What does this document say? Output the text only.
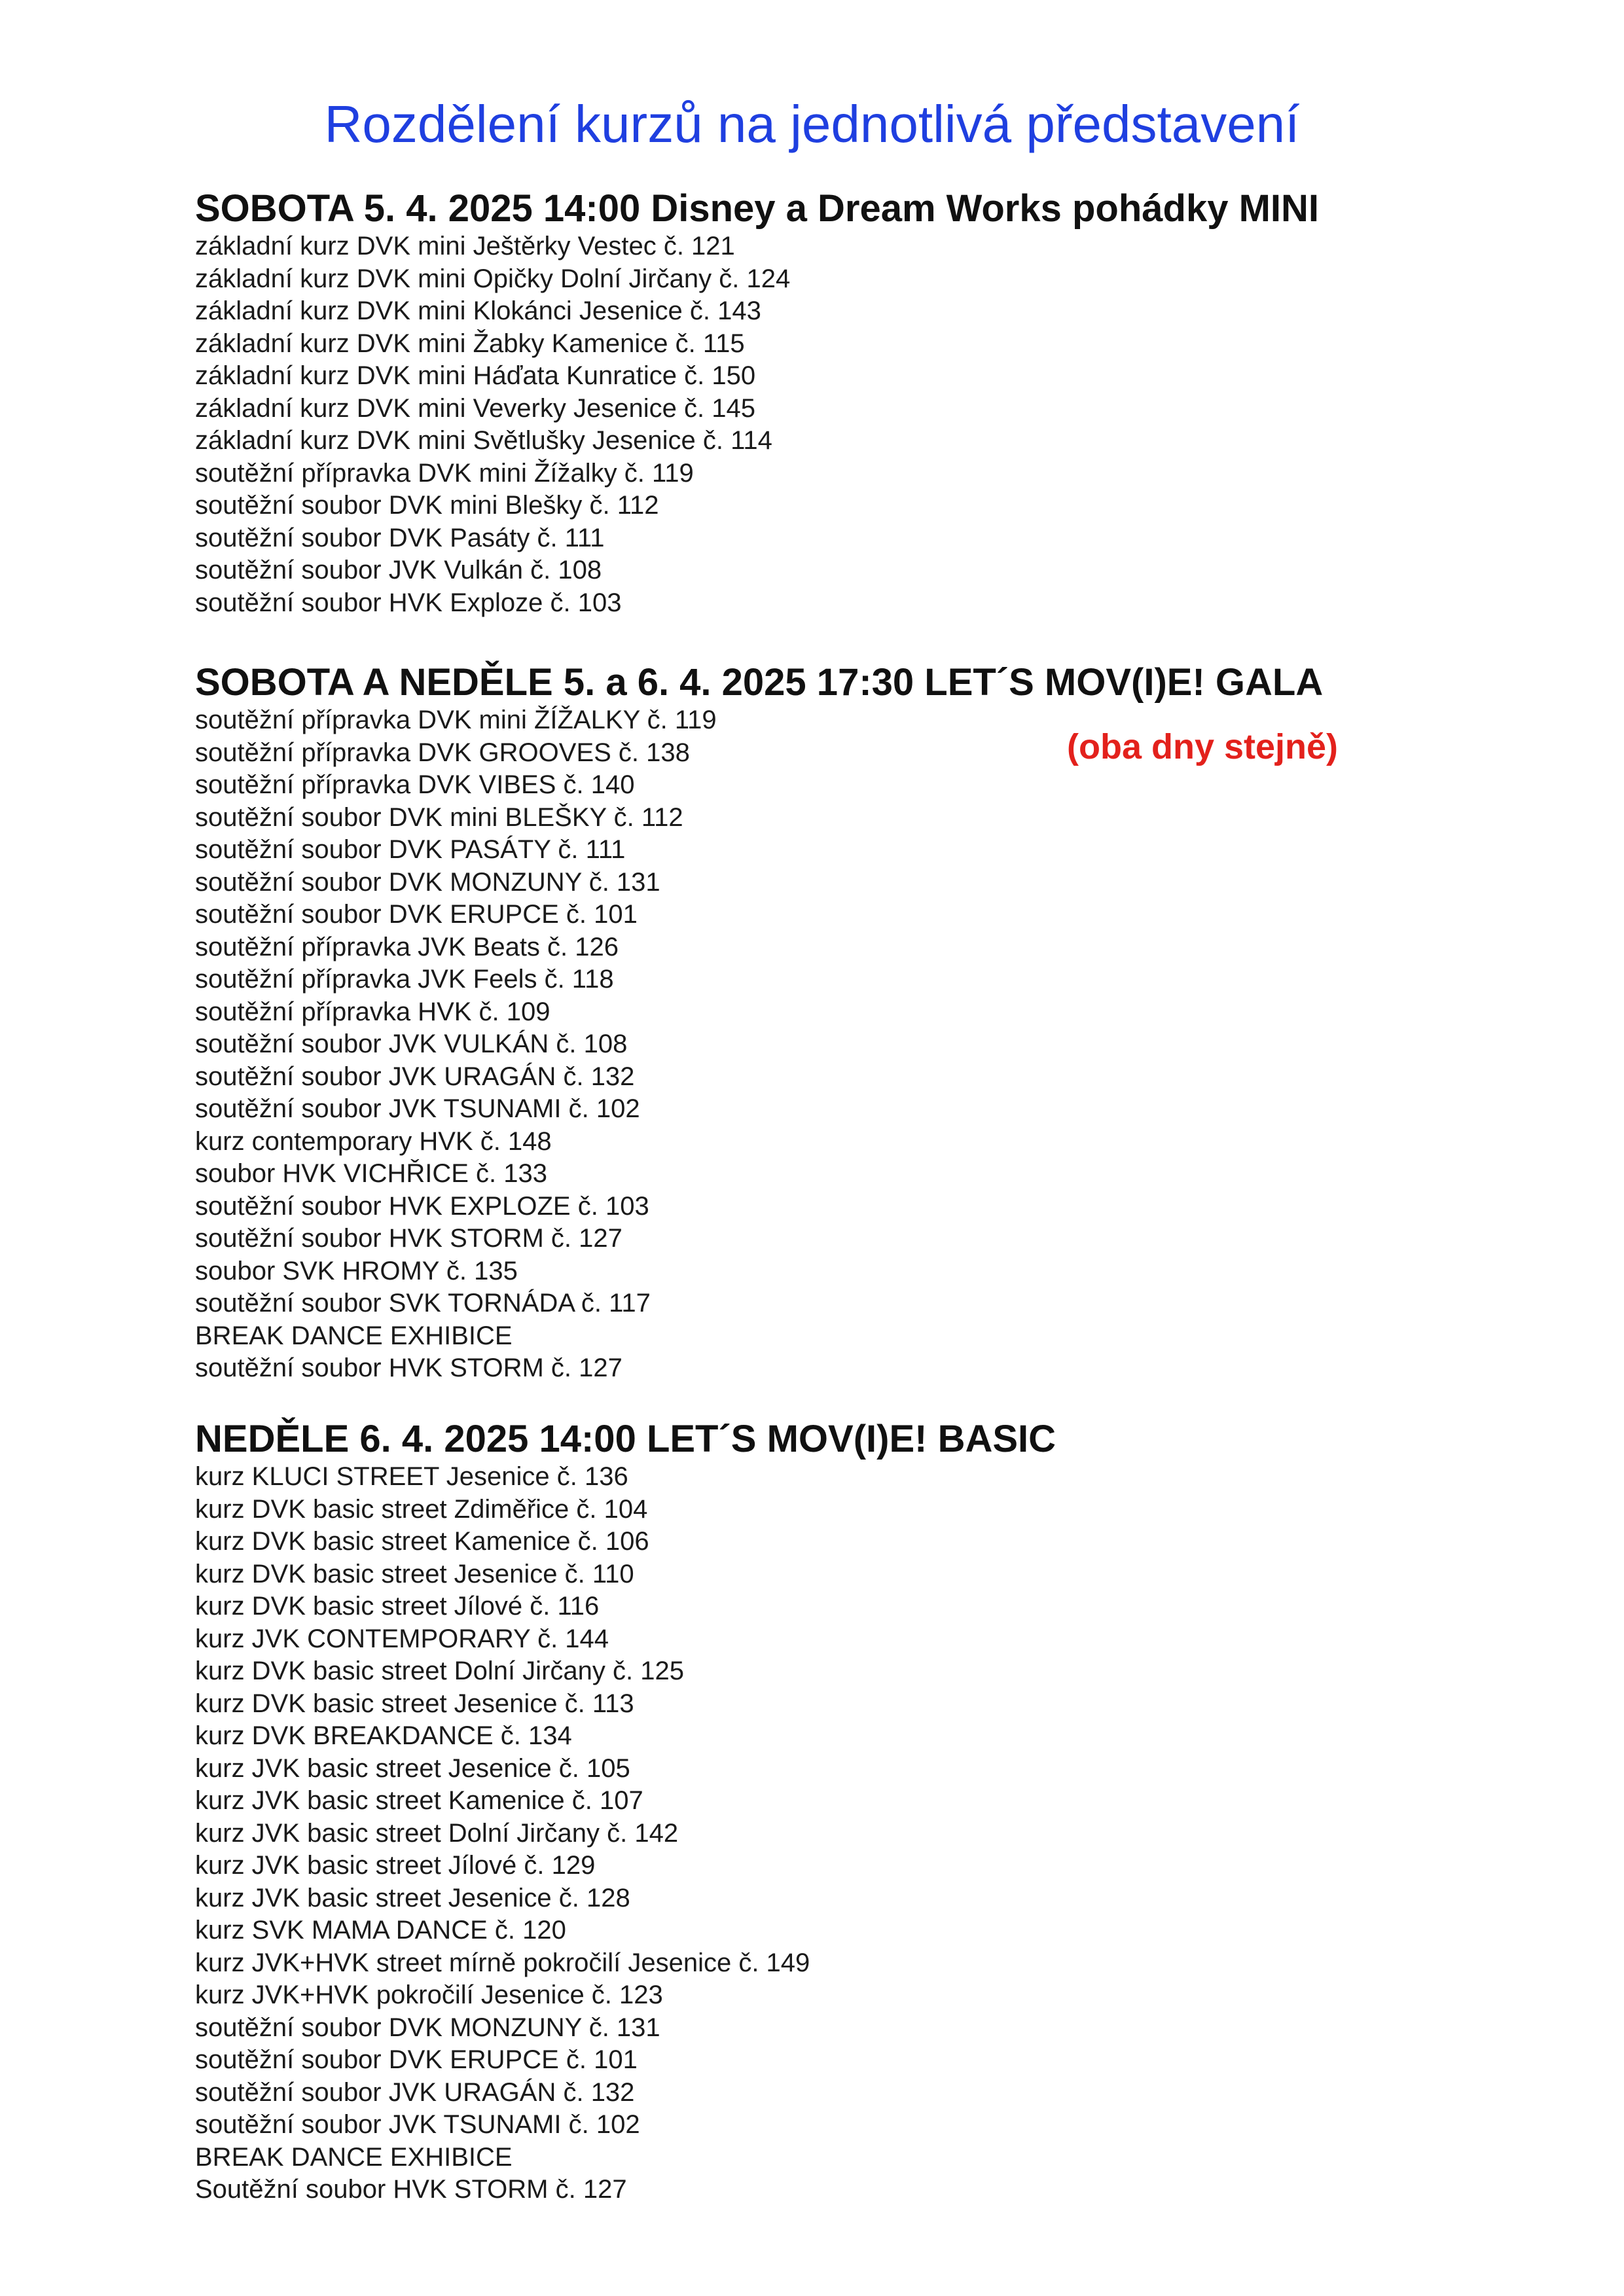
Rozdělení kurzů na jednotlivá představení
SOBOTA 5. 4. 2025 14:00 Disney a Dream Works pohádky MINI
základní kurz DVK mini Ještěrky Vestec č. 121
základní kurz DVK mini Opičky Dolní Jirčany č. 124
základní kurz DVK mini Klokánci Jesenice č. 143
základní kurz DVK mini Žabky Kamenice č. 115
základní kurz DVK mini Háďata Kunratice č. 150
základní kurz DVK mini Veverky Jesenice č. 145
základní kurz DVK mini Světlušky Jesenice č. 114
soutěžní přípravka DVK mini Žížalky č. 119
soutěžní soubor DVK mini Blešky č. 112
soutěžní soubor DVK Pasáty č. 111
soutěžní soubor JVK Vulkán č. 108
soutěžní soubor HVK Exploze č. 103
SOBOTA A NEDĚLE 5. a 6. 4. 2025 17:30 LET´S MOV(I)E! GALA
soutěžní přípravka DVK mini ŽÍŽALKY č. 119
soutěžní přípravka DVK GROOVES č. 138
soutěžní přípravka DVK VIBES č. 140
soutěžní soubor DVK mini BLEŠKY č. 112
soutěžní soubor DVK PASÁTY č. 111
soutěžní soubor DVK MONZUNY č. 131
soutěžní soubor DVK ERUPCE č. 101
soutěžní přípravka JVK Beats č. 126
soutěžní přípravka JVK Feels č. 118
soutěžní přípravka HVK č. 109
soutěžní soubor JVK VULKÁN č. 108
soutěžní soubor JVK URAGÁN č. 132
soutěžní soubor JVK TSUNAMI č. 102
kurz contemporary HVK č. 148
soubor HVK VICHŘICE č. 133
soutěžní soubor HVK EXPLOZE č. 103
soutěžní soubor HVK STORM č. 127
soubor SVK HROMY č. 135
soutěžní soubor SVK TORNÁDA č. 117
BREAK DANCE EXHIBICE
soutěžní soubor HVK STORM č. 127
(oba dny stejně)
NEDĚLE 6. 4. 2025 14:00 LET´S MOV(I)E! BASIC
kurz KLUCI STREET Jesenice č. 136
kurz DVK basic street Zdiměřice č. 104
kurz DVK basic street Kamenice č. 106
kurz DVK basic street Jesenice č. 110
kurz DVK basic street Jílové č. 116
kurz JVK CONTEMPORARY č. 144
kurz DVK basic street Dolní Jirčany č. 125
kurz DVK basic street Jesenice č. 113
kurz DVK BREAKDANCE č. 134
kurz JVK basic street Jesenice č. 105
kurz JVK basic street Kamenice č. 107
kurz JVK basic street Dolní Jirčany č. 142
kurz JVK basic street Jílové č. 129
kurz JVK basic street Jesenice č. 128
kurz SVK MAMA DANCE č. 120
kurz JVK+HVK street mírně pokročilí Jesenice č. 149
kurz JVK+HVK pokročilí Jesenice č. 123
soutěžní soubor DVK MONZUNY č. 131
soutěžní soubor DVK ERUPCE č. 101
soutěžní soubor JVK URAGÁN č. 132
soutěžní soubor JVK TSUNAMI č. 102
BREAK DANCE EXHIBICE
Soutěžní soubor HVK STORM č. 127
